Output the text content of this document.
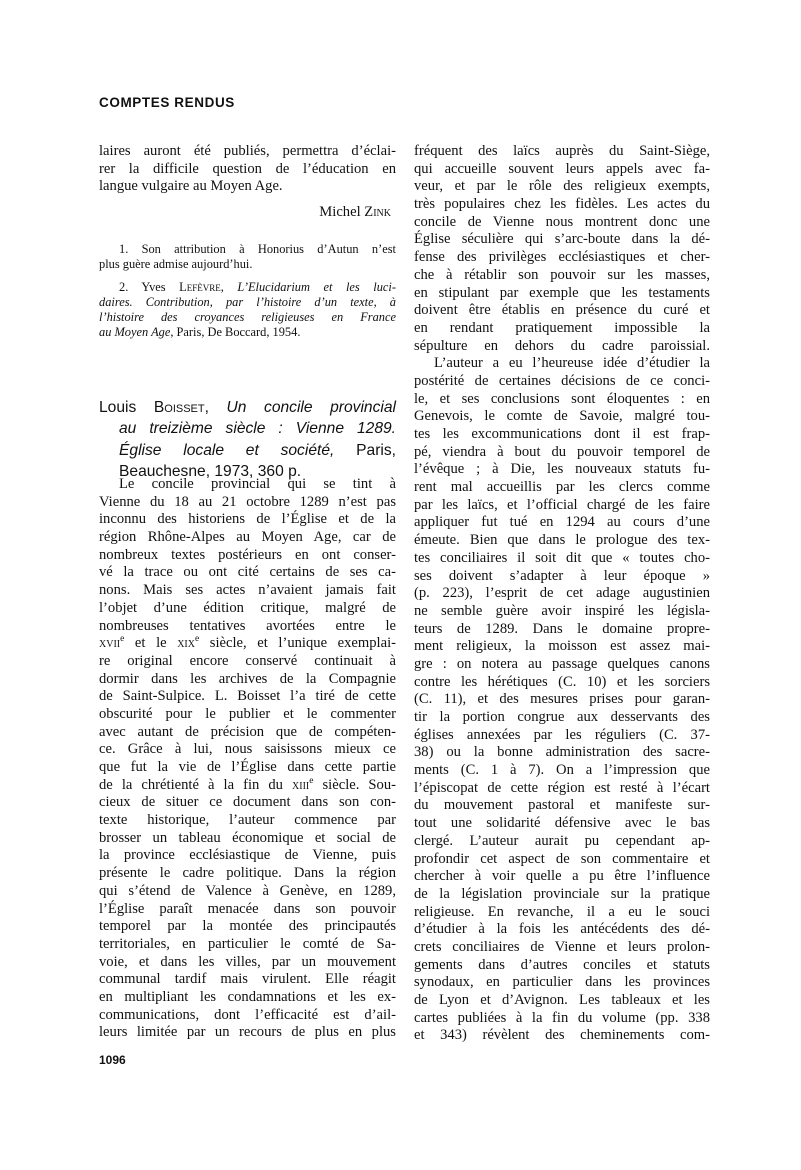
COMPTES RENDUS
laires auront été publiés, permettra d’éclai-
rer la difficile question de l’éducation en
langue vulgaire au Moyen Age.
Michel Zink
1. Son attribution à Honorius d’Autun n’est
plus guère admise aujourd’hui.
2. Yves Lefèvre, L’Elucidarium et les luci-
daires. Contribution, par l’histoire d’un texte, à
l’histoire des croyances religieuses en France
au Moyen Age, Paris, De Boccard, 1954.
Louis Boisset, Un concile provincial
au treizième siècle : Vienne 1289.
Église locale et société, Paris,
Beauchesne, 1973, 360 p.
Le concile provincial qui se tint à
Vienne du 18 au 21 octobre 1289 n’est pas
inconnu des historiens de l’Église et de la
région Rhône-Alpes au Moyen Age, car de
nombreux textes postérieurs en ont conser-
vé la trace ou ont cité certains de ses ca-
nons. Mais ses actes n’avaient jamais fait
l’objet d’une édition critique, malgré de
nombreuses tentatives avortées entre le
xvii$^e$ et le xix$^e$ siècle, et l’unique exemplai-
re original encore conservé continuait à
dormir dans les archives de la Compagnie
de Saint-Sulpice. L. Boisset l’a tiré de cette
obscurité pour le publier et le commenter
avec autant de précision que de compéten-
ce. Grâce à lui, nous saisissons mieux ce
que fut la vie de l’Église dans cette partie
de la chrétienté à la fin du xiii$^e$ siècle. Sou-
cieux de situer ce document dans son con-
texte historique, l’auteur commence par
brosser un tableau économique et social de
la province ecclésiastique de Vienne, puis
présente le cadre politique. Dans la région
qui s’étend de Valence à Genève, en 1289,
l’Église paraît menacée dans son pouvoir
temporel par la montée des principautés
territoriales, en particulier le comté de Sa-
voie, et dans les villes, par un mouvement
communal tardif mais virulent. Elle réagit
en multipliant les condamnations et les ex-
communications, dont l’efficacité est d’ail-
leurs limitée par un recours de plus en plus
fréquent des laïcs auprès du Saint-Siège,
qui accueille souvent leurs appels avec fa-
veur, et par le rôle des religieux exempts,
très populaires chez les fidèles. Les actes du
concile de Vienne nous montrent donc une
Église séculière qui s’arc-boute dans la dé-
fense des privilèges ecclésiastiques et cher-
che à rétablir son pouvoir sur les masses,
en stipulant par exemple que les testaments
doivent être établis en présence du curé et
en rendant pratiquement impossible la
sépulture en dehors du cadre paroissial.
L’auteur a eu l’heureuse idée d’étudier la
postérité de certaines décisions de ce conci-
le, et ses conclusions sont éloquentes : en
Genevois, le comte de Savoie, malgré tou-
tes les excommunications dont il est frap-
pé, viendra à bout du pouvoir temporel de
l’évêque ; à Die, les nouveaux statuts fu-
rent mal accueillis par les clercs comme
par les laïcs, et l’official chargé de les faire
appliquer fut tué en 1294 au cours d’une
émeute. Bien que dans le prologue des tex-
tes conciliaires il soit dit que « toutes cho-
ses doivent s’adapter à leur époque »
(p. 223), l’esprit de cet adage augustinien
ne semble guère avoir inspiré les législa-
teurs de 1289. Dans le domaine propre-
ment religieux, la moisson est assez mai-
gre : on notera au passage quelques canons
contre les hérétiques (C. 10) et les sorciers
(C. 11), et des mesures prises pour garan-
tir la portion congrue aux desservants des
églises annexées par les réguliers (C. 37-
38) ou la bonne administration des sacre-
ments (C. 1 à 7). On a l’impression que
l’épiscopat de cette région est resté à l’écart
du mouvement pastoral et manifeste sur-
tout une solidarité défensive avec le bas
clergé. L’auteur aurait pu cependant ap-
profondir cet aspect de son commentaire et
chercher à voir quelle a pu être l’influence
de la législation provinciale sur la pratique
religieuse. En revanche, il a eu le souci
d’étudier à la fois les antécédents des dé-
crets conciliaires de Vienne et leurs prolon-
gements dans d’autres conciles et statuts
synodaux, en particulier dans les provinces
de Lyon et d’Avignon. Les tableaux et les
cartes publiées à la fin du volume (pp. 338
et 343) révèlent des cheminements com-
1096
